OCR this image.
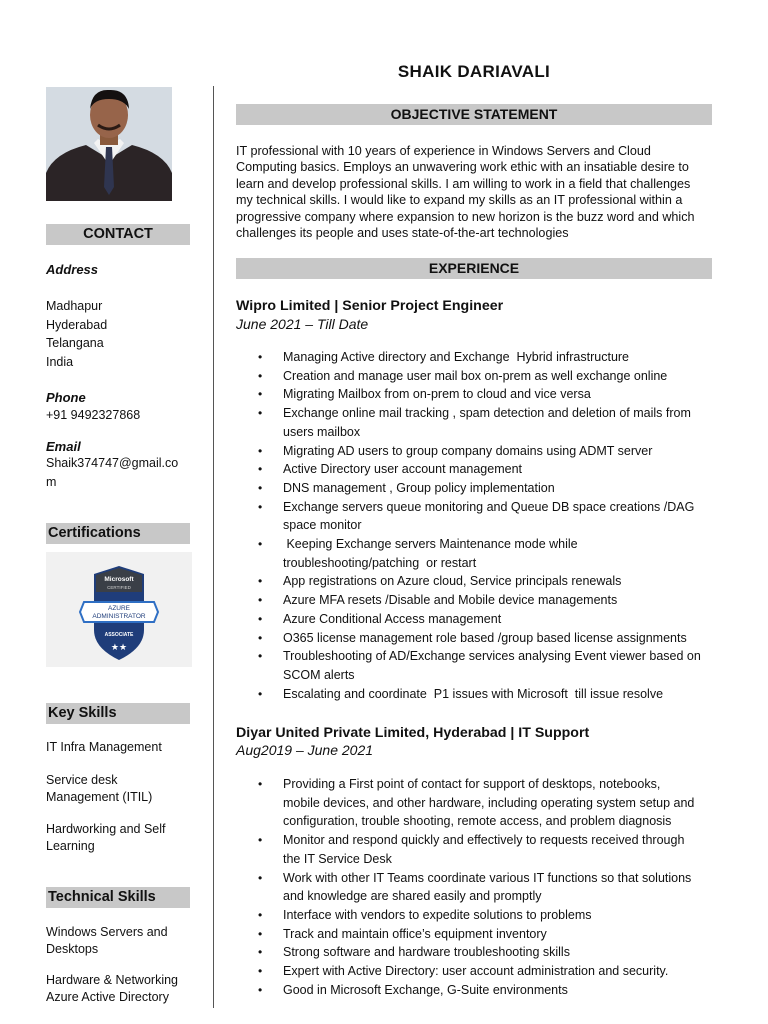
CONTACT
Address
Madhapur
Hyderabad
Telangana
India
Phone
+91 9492327868
Email
Shaik374747@gmail.co
m
Certifications
Microsoft
CERTIFIED
AZURE
ADMINISTRATOR
ASSOCIATE
★★
Key Skills
IT Infra Management
Service desk
Management (ITIL)
Hardworking and Self
Learning
Technical Skills
Windows Servers and
Desktops
Hardware & Networking
Azure Active Directory
SHAIK DARIAVALI
OBJECTIVE STATEMENT
IT professional with 10 years of experience in Windows Servers and Cloud
Computing basics. Employs an unwavering work ethic with an insatiable desire to
learn and develop professional skills. I am willing to work in a field that challenges
my technical skills. I would like to expand my skills as an IT professional within a
progressive company where expansion to new horizon is the buzz word and which
challenges its people and uses state-of-the-art technologies
EXPERIENCE
Wipro Limited | Senior Project Engineer
June 2021 – Till Date
• Managing Active directory and Exchange  Hybrid infrastructure
• Creation and manage user mail box on-prem as well exchange online
• Migrating Mailbox from on-prem to cloud and vice versa
• Exchange online mail tracking , spam detection and deletion of mails from
users mailbox
• Migrating AD users to group company domains using ADMT server
• Active Directory user account management
• DNS management , Group policy implementation
• Exchange servers queue monitoring and Queue DB space creations /DAG
space monitor
•  Keeping Exchange servers Maintenance mode while
troubleshooting/patching  or restart
• App registrations on Azure cloud, Service principals renewals
• Azure MFA resets /Disable and Mobile device managements
• Azure Conditional Access management
• O365 license management role based /group based license assignments
• Troubleshooting of AD/Exchange services analysing Event viewer based on
SCOM alerts
• Escalating and coordinate  P1 issues with Microsoft  till issue resolve
Diyar United Private Limited, Hyderabad | IT Support
Aug2019 – June 2021
• Providing a First point of contact for support of desktops, notebooks,
mobile devices, and other hardware, including operating system setup and
configuration, trouble shooting, remote access, and problem diagnosis
• Monitor and respond quickly and effectively to requests received through
the IT Service Desk
• Work with other IT Teams coordinate various IT functions so that solutions
and knowledge are shared easily and promptly
• Interface with vendors to expedite solutions to problems
• Track and maintain office’s equipment inventory
• Strong software and hardware troubleshooting skills
• Expert with Active Directory: user account administration and security.
• Good in Microsoft Exchange, G-Suite environments
